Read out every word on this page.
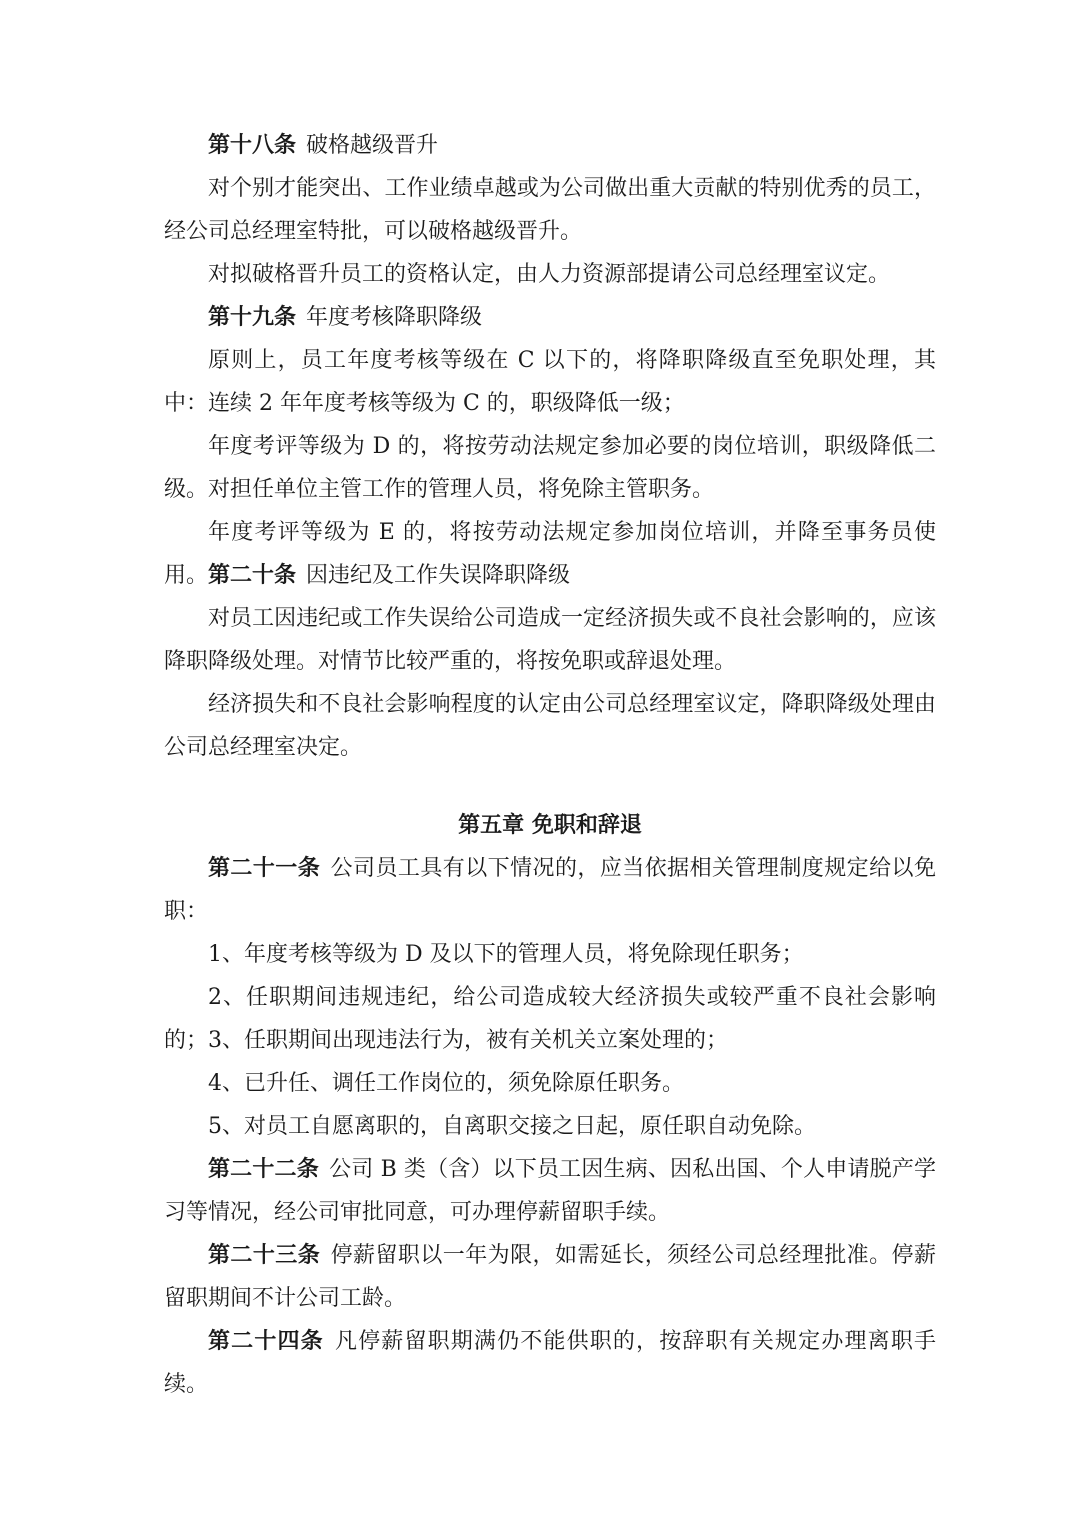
第十八条 破格越级晋升

对个别才能突出、工作业绩卓越或为公司做出重大贡献的特别优秀的员工，经公司总经理室特批，可以破格越级晋升。

对拟破格晋升员工的资格认定，由人力资源部提请公司总经理室议定。

第十九条 年度考核降职降级

原则上，员工年度考核等级在 C 以下的，将降职降级直至免职处理，其中： 连续 2 年年度考核等级为 C 的，职级降低一级；

年度考评等级为 D 的，将按劳动法规定参加必要的岗位培训，职级降低二级。对担任单位主管工作的管理人员，将免除主管职务。

年度考评等级为 E 的，将按劳动法规定参加岗位培训，并降至事务员使用。 第二十条 因违纪及工作失误降职降级

对员工因违纪或工作失误给公司造成一定经济损失或不良社会影响的，应该降职降级处理。对情节比较严重的，将按免职或辞退处理。

经济损失和不良社会影响程度的认定由公司总经理室议定，降职降级处理由公司总经理室决定。

第五章 免职和辞退

第二十一条 公司员工具有以下情况的，应当依据相关管理制度规定给以免职：

1、年度考核等级为 D 及以下的管理人员，将免除现任职务；

2、任职期间违规违纪，给公司造成较大经济损失或较严重不良社会影响的； 3、任职期间出现违法行为，被有关机关立案处理的；

4、已升任、调任工作岗位的，须免除原任职务。

5、对员工自愿离职的，自离职交接之日起，原任职自动免除。

第二十二条 公司 B 类（含）以下员工因生病、因私出国、个人申请脱产学习等情况，经公司审批同意，可办理停薪留职手续。

第二十三条 停薪留职以一年为限，如需延长，须经公司总经理批准。停薪留职期间不计公司工龄。

第二十四条 凡停薪留职期满仍不能供职的，按辞职有关规定办理离职手续。
